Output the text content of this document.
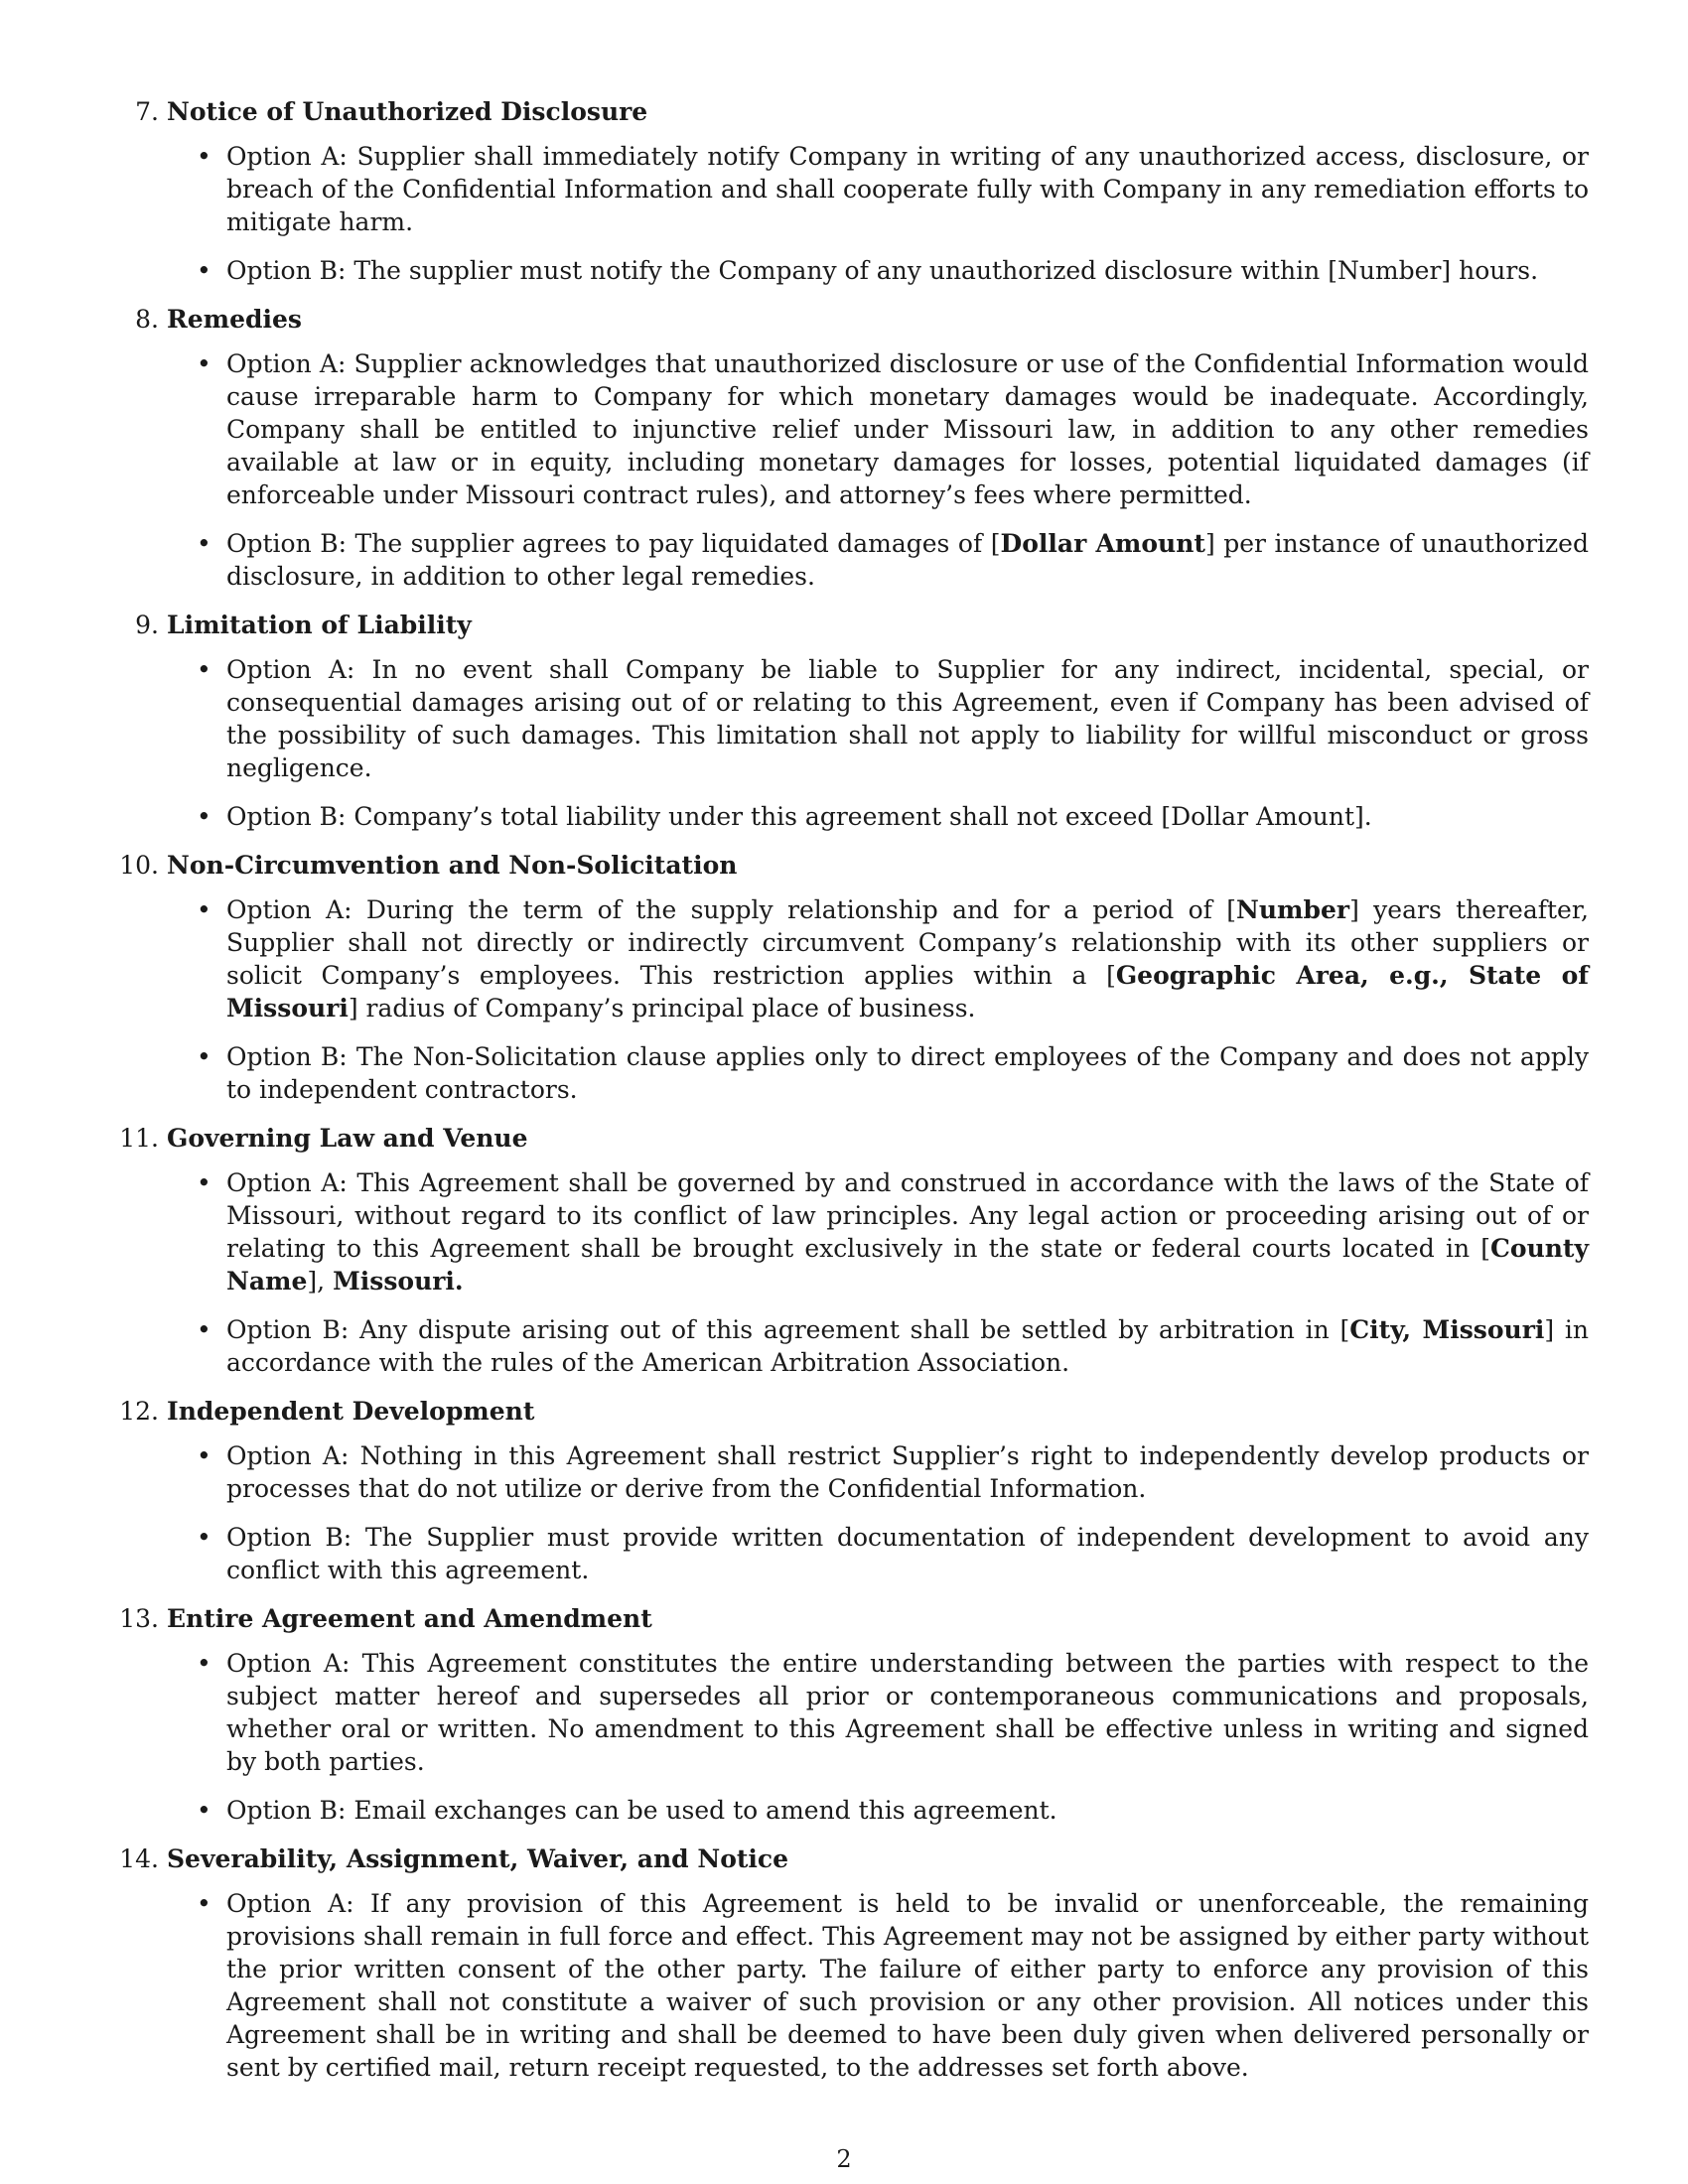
7. Notice of Unauthorized Disclosure
• Option A: Supplier shall immediately notify Company in writing of any unauthorized access, disclosure, or breach of the Confidential Information and shall cooperate fully with Company in any remediation efforts to mitigate harm.
• Option B: The supplier must notify the Company of any unauthorized disclosure within [Number] hours.
8. Remedies
• Option A: Supplier acknowledges that unauthorized disclosure or use of the Confidential Information would cause irreparable harm to Company for which monetary damages would be inadequate. Accordingly, Company shall be entitled to injunctive relief under Missouri law, in addition to any other remedies available at law or in equity, including monetary damages for losses, potential liquidated damages (if enforceable under Missouri contract rules), and attorney’s fees where permitted.
• Option B: The supplier agrees to pay liquidated damages of [Dollar Amount] per instance of unauthorized disclosure, in addition to other legal remedies.
9. Limitation of Liability
• Option A: In no event shall Company be liable to Supplier for any indirect, incidental, special, or consequential damages arising out of or relating to this Agreement, even if Company has been advised of the possibility of such damages. This limitation shall not apply to liability for willful misconduct or gross negligence.
• Option B: Company’s total liability under this agreement shall not exceed [Dollar Amount].
10. Non-Circumvention and Non-Solicitation
• Option A: During the term of the supply relationship and for a period of [Number] years thereafter, Supplier shall not directly or indirectly circumvent Company’s relationship with its other suppliers or solicit Company’s employees. This restriction applies within a [Geographic Area, e.g., State of Missouri] radius of Company’s principal place of business.
• Option B: The Non-Solicitation clause applies only to direct employees of the Company and does not apply to independent contractors.
11. Governing Law and Venue
• Option A: This Agreement shall be governed by and construed in accordance with the laws of the State of Missouri, without regard to its conflict of law principles. Any legal action or proceeding arising out of or relating to this Agreement shall be brought exclusively in the state or federal courts located in [County Name], Missouri.
• Option B: Any dispute arising out of this agreement shall be settled by arbitration in [City, Missouri] in accordance with the rules of the American Arbitration Association.
12. Independent Development
• Option A: Nothing in this Agreement shall restrict Supplier’s right to independently develop products or processes that do not utilize or derive from the Confidential Information.
• Option B: The Supplier must provide written documentation of independent development to avoid any conflict with this agreement.
13. Entire Agreement and Amendment
• Option A: This Agreement constitutes the entire understanding between the parties with respect to the subject matter hereof and supersedes all prior or contemporaneous communications and proposals, whether oral or written. No amendment to this Agreement shall be effective unless in writing and signed by both parties.
• Option B: Email exchanges can be used to amend this agreement.
14. Severability, Assignment, Waiver, and Notice
• Option A: If any provision of this Agreement is held to be invalid or unenforceable, the remaining provisions shall remain in full force and effect. This Agreement may not be assigned by either party without the prior written consent of the other party. The failure of either party to enforce any provision of this Agreement shall not constitute a waiver of such provision or any other provision. All notices under this Agreement shall be in writing and shall be deemed to have been duly given when delivered personally or sent by certified mail, return receipt requested, to the addresses set forth above.
2
